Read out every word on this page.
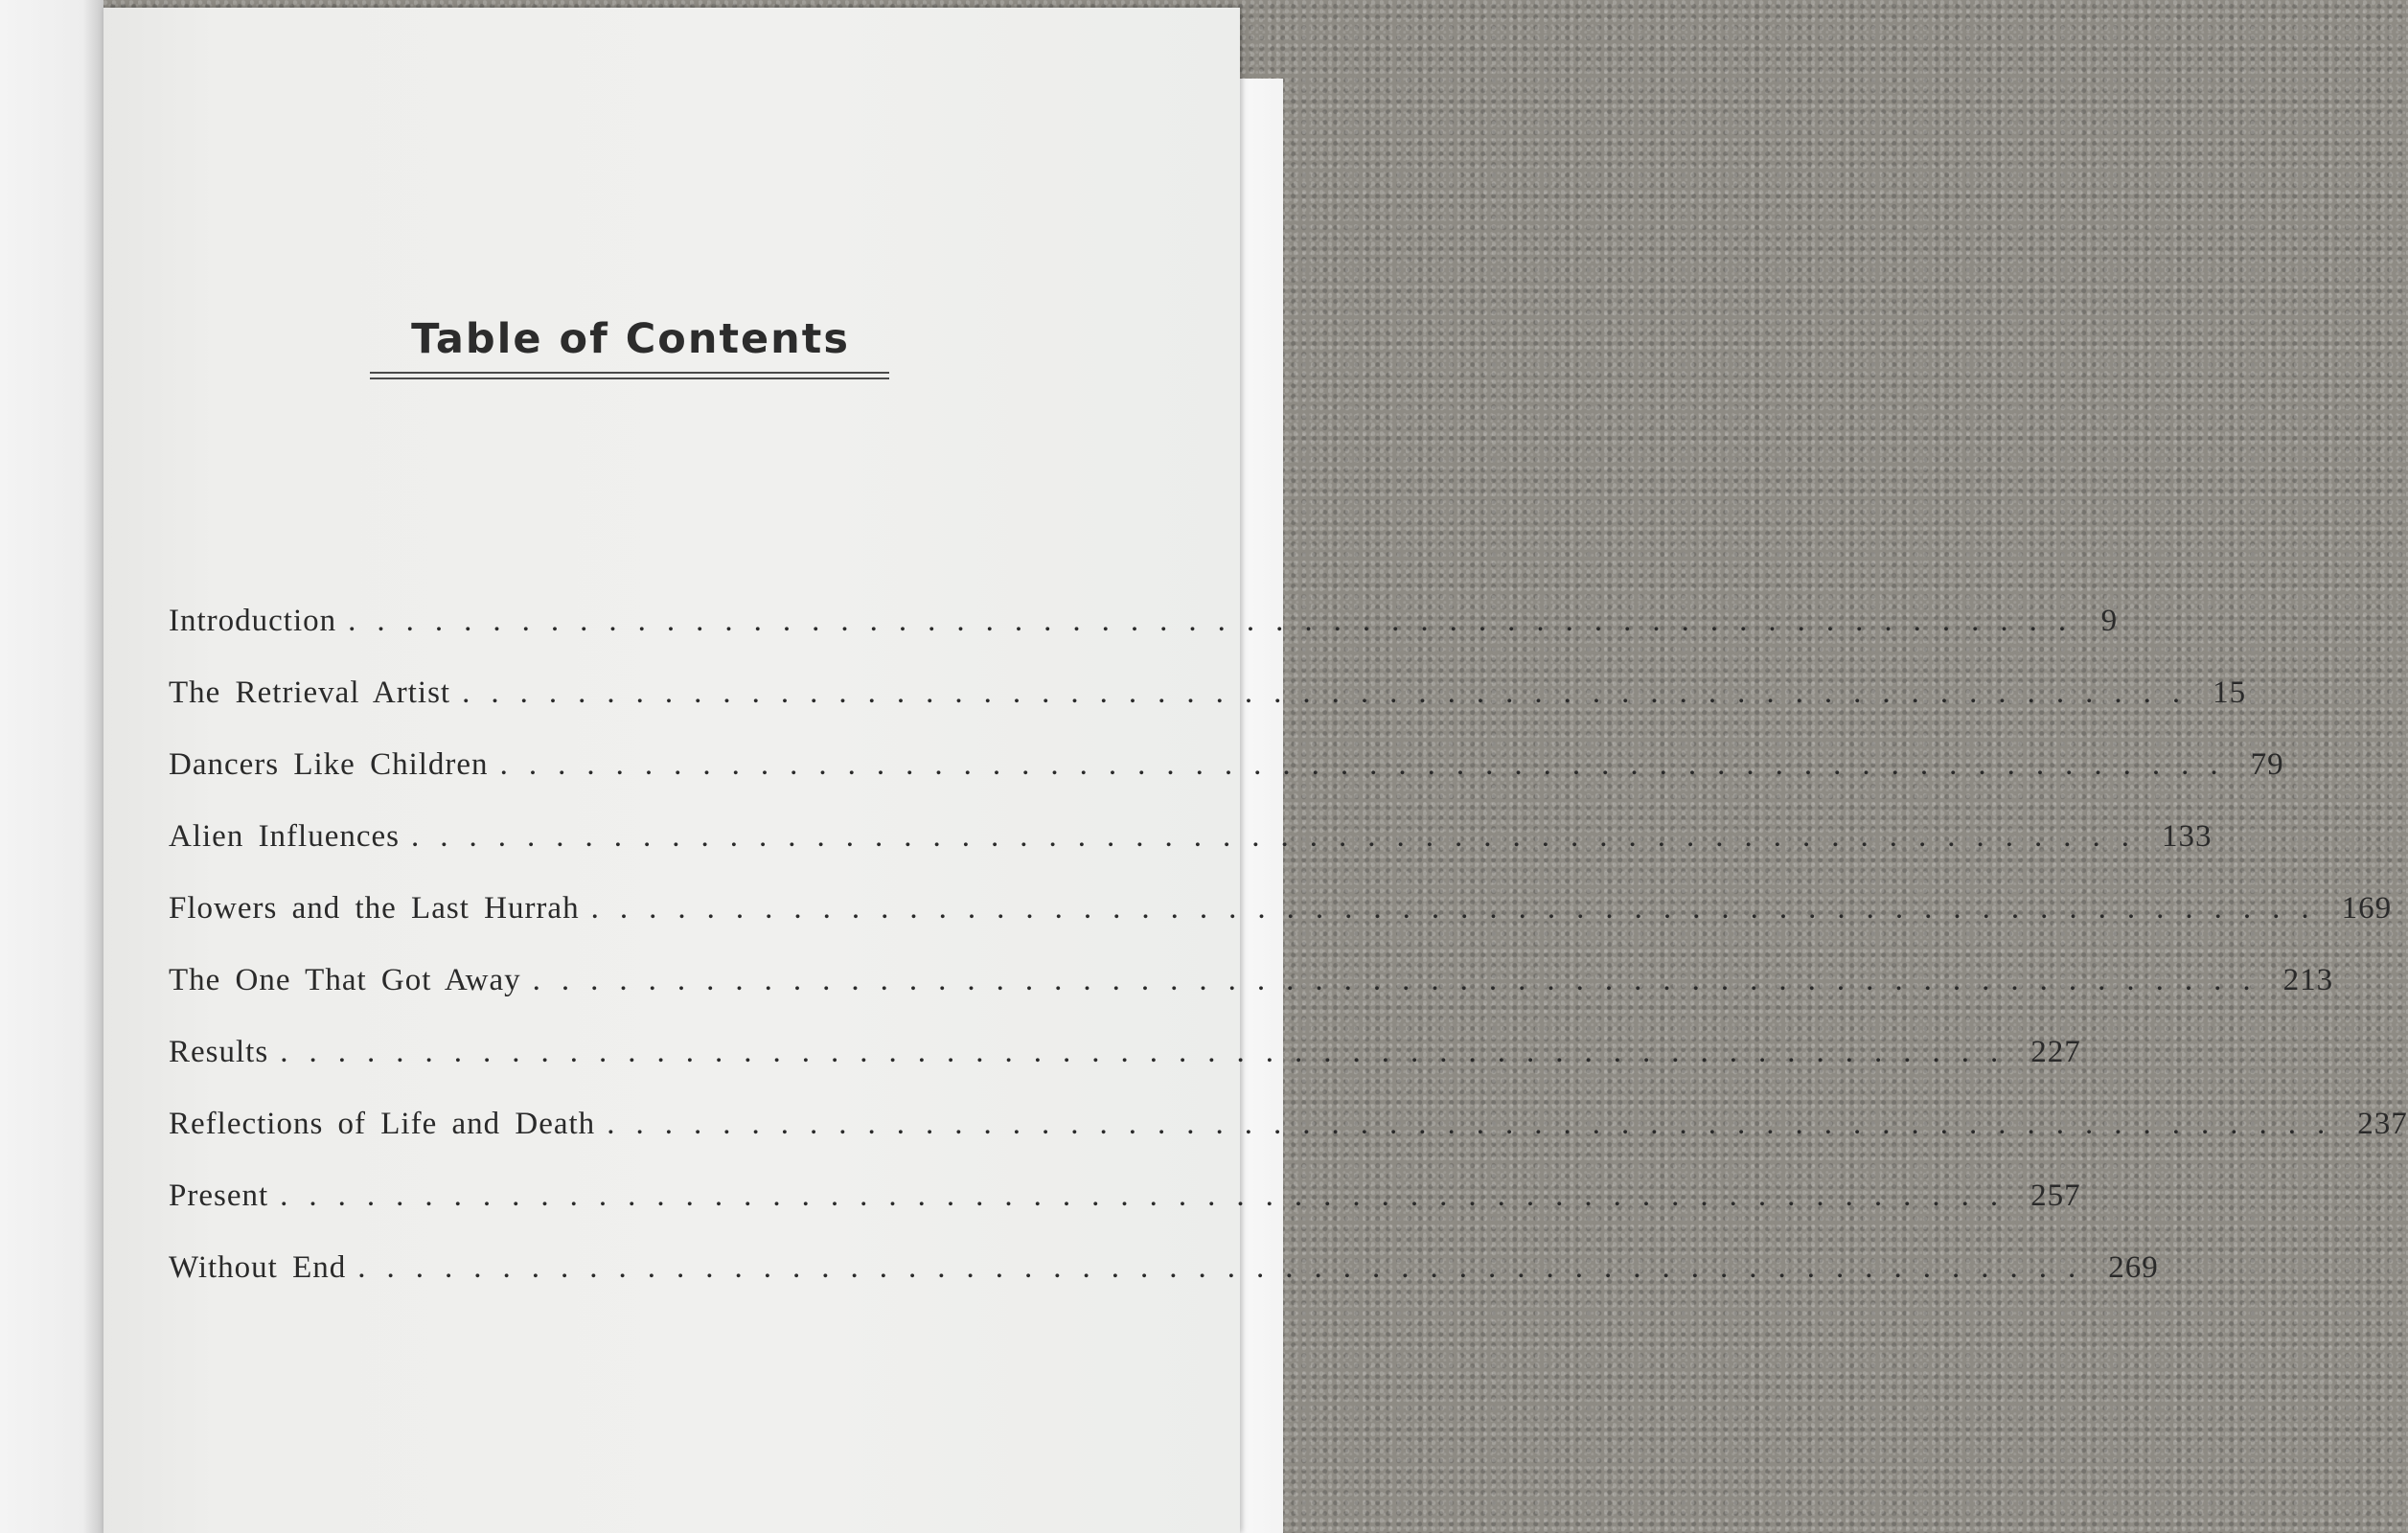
Table of Contents
Introduction ............................................................ 9
The Retrieval Artist ............................................................ 15
Dancers Like Children ............................................................ 79
Alien Influences ............................................................ 133
Flowers and the Last Hurrah ............................................................ 169
The One That Got Away ............................................................ 213
Results ............................................................ 227
Reflections of Life and Death ............................................................ 237
Present ............................................................ 257
Without End ............................................................ 269
